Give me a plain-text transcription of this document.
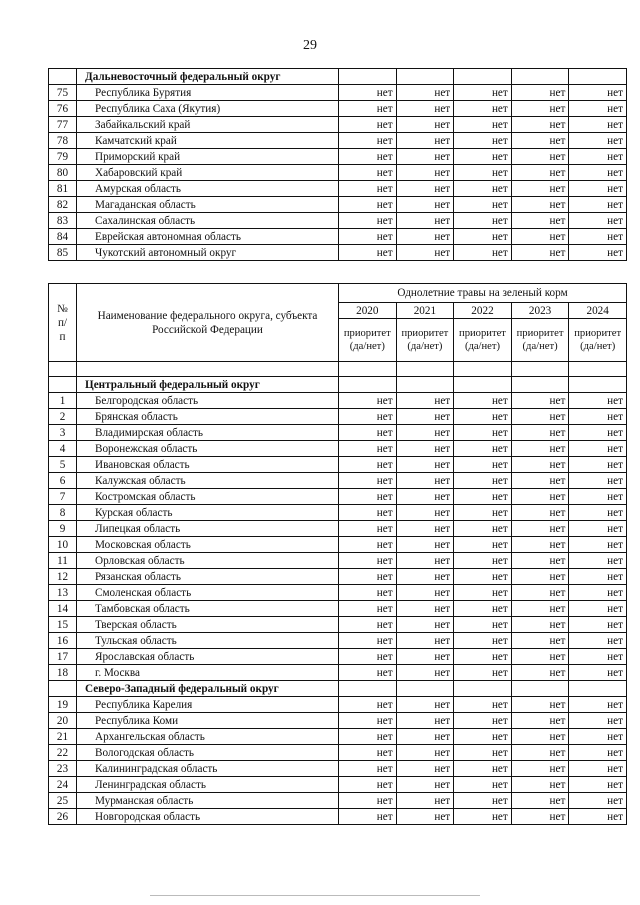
29
	Дальневосточный федеральный округ					
75	Республика Бурятия	нет	нет	нет	нет	нет
76	Республика Саха (Якутия)	нет	нет	нет	нет	нет
77	Забайкальский край	нет	нет	нет	нет	нет
78	Камчатский край	нет	нет	нет	нет	нет
79	Приморский край	нет	нет	нет	нет	нет
80	Хабаровский край	нет	нет	нет	нет	нет
81	Амурская область	нет	нет	нет	нет	нет
82	Магаданская область	нет	нет	нет	нет	нет
83	Сахалинская область	нет	нет	нет	нет	нет
84	Еврейская автономная область	нет	нет	нет	нет	нет
85	Чукотский автономный округ	нет	нет	нет	нет	нет
№ п/п	Наименование федерального округа, субъекта Российской Федерации	Однолетние травы на зеленый корм				
		2020	2021	2022	2023	2024
		приоритет (да/нет)	приоритет (да/нет)	приоритет (да/нет)	приоритет (да/нет)	приоритет (да/нет)

	Центральный федеральный округ					
1	Белгородская область	нет	нет	нет	нет	нет
2	Брянская область	нет	нет	нет	нет	нет
3	Владимирская область	нет	нет	нет	нет	нет
4	Воронежская область	нет	нет	нет	нет	нет
5	Ивановская область	нет	нет	нет	нет	нет
6	Калужская область	нет	нет	нет	нет	нет
7	Костромская область	нет	нет	нет	нет	нет
8	Курская область	нет	нет	нет	нет	нет
9	Липецкая область	нет	нет	нет	нет	нет
10	Московская область	нет	нет	нет	нет	нет
11	Орловская область	нет	нет	нет	нет	нет
12	Рязанская область	нет	нет	нет	нет	нет
13	Смоленская область	нет	нет	нет	нет	нет
14	Тамбовская область	нет	нет	нет	нет	нет
15	Тверская область	нет	нет	нет	нет	нет
16	Тульская область	нет	нет	нет	нет	нет
17	Ярославская область	нет	нет	нет	нет	нет
18	г. Москва	нет	нет	нет	нет	нет
	Северо-Западный федеральный округ					
19	Республика Карелия	нет	нет	нет	нет	нет
20	Республика Коми	нет	нет	нет	нет	нет
21	Архангельская область	нет	нет	нет	нет	нет
22	Вологодская область	нет	нет	нет	нет	нет
23	Калининградская область	нет	нет	нет	нет	нет
24	Ленинградская область	нет	нет	нет	нет	нет
25	Мурманская область	нет	нет	нет	нет	нет
26	Новгородская область	нет	нет	нет	нет	нет
